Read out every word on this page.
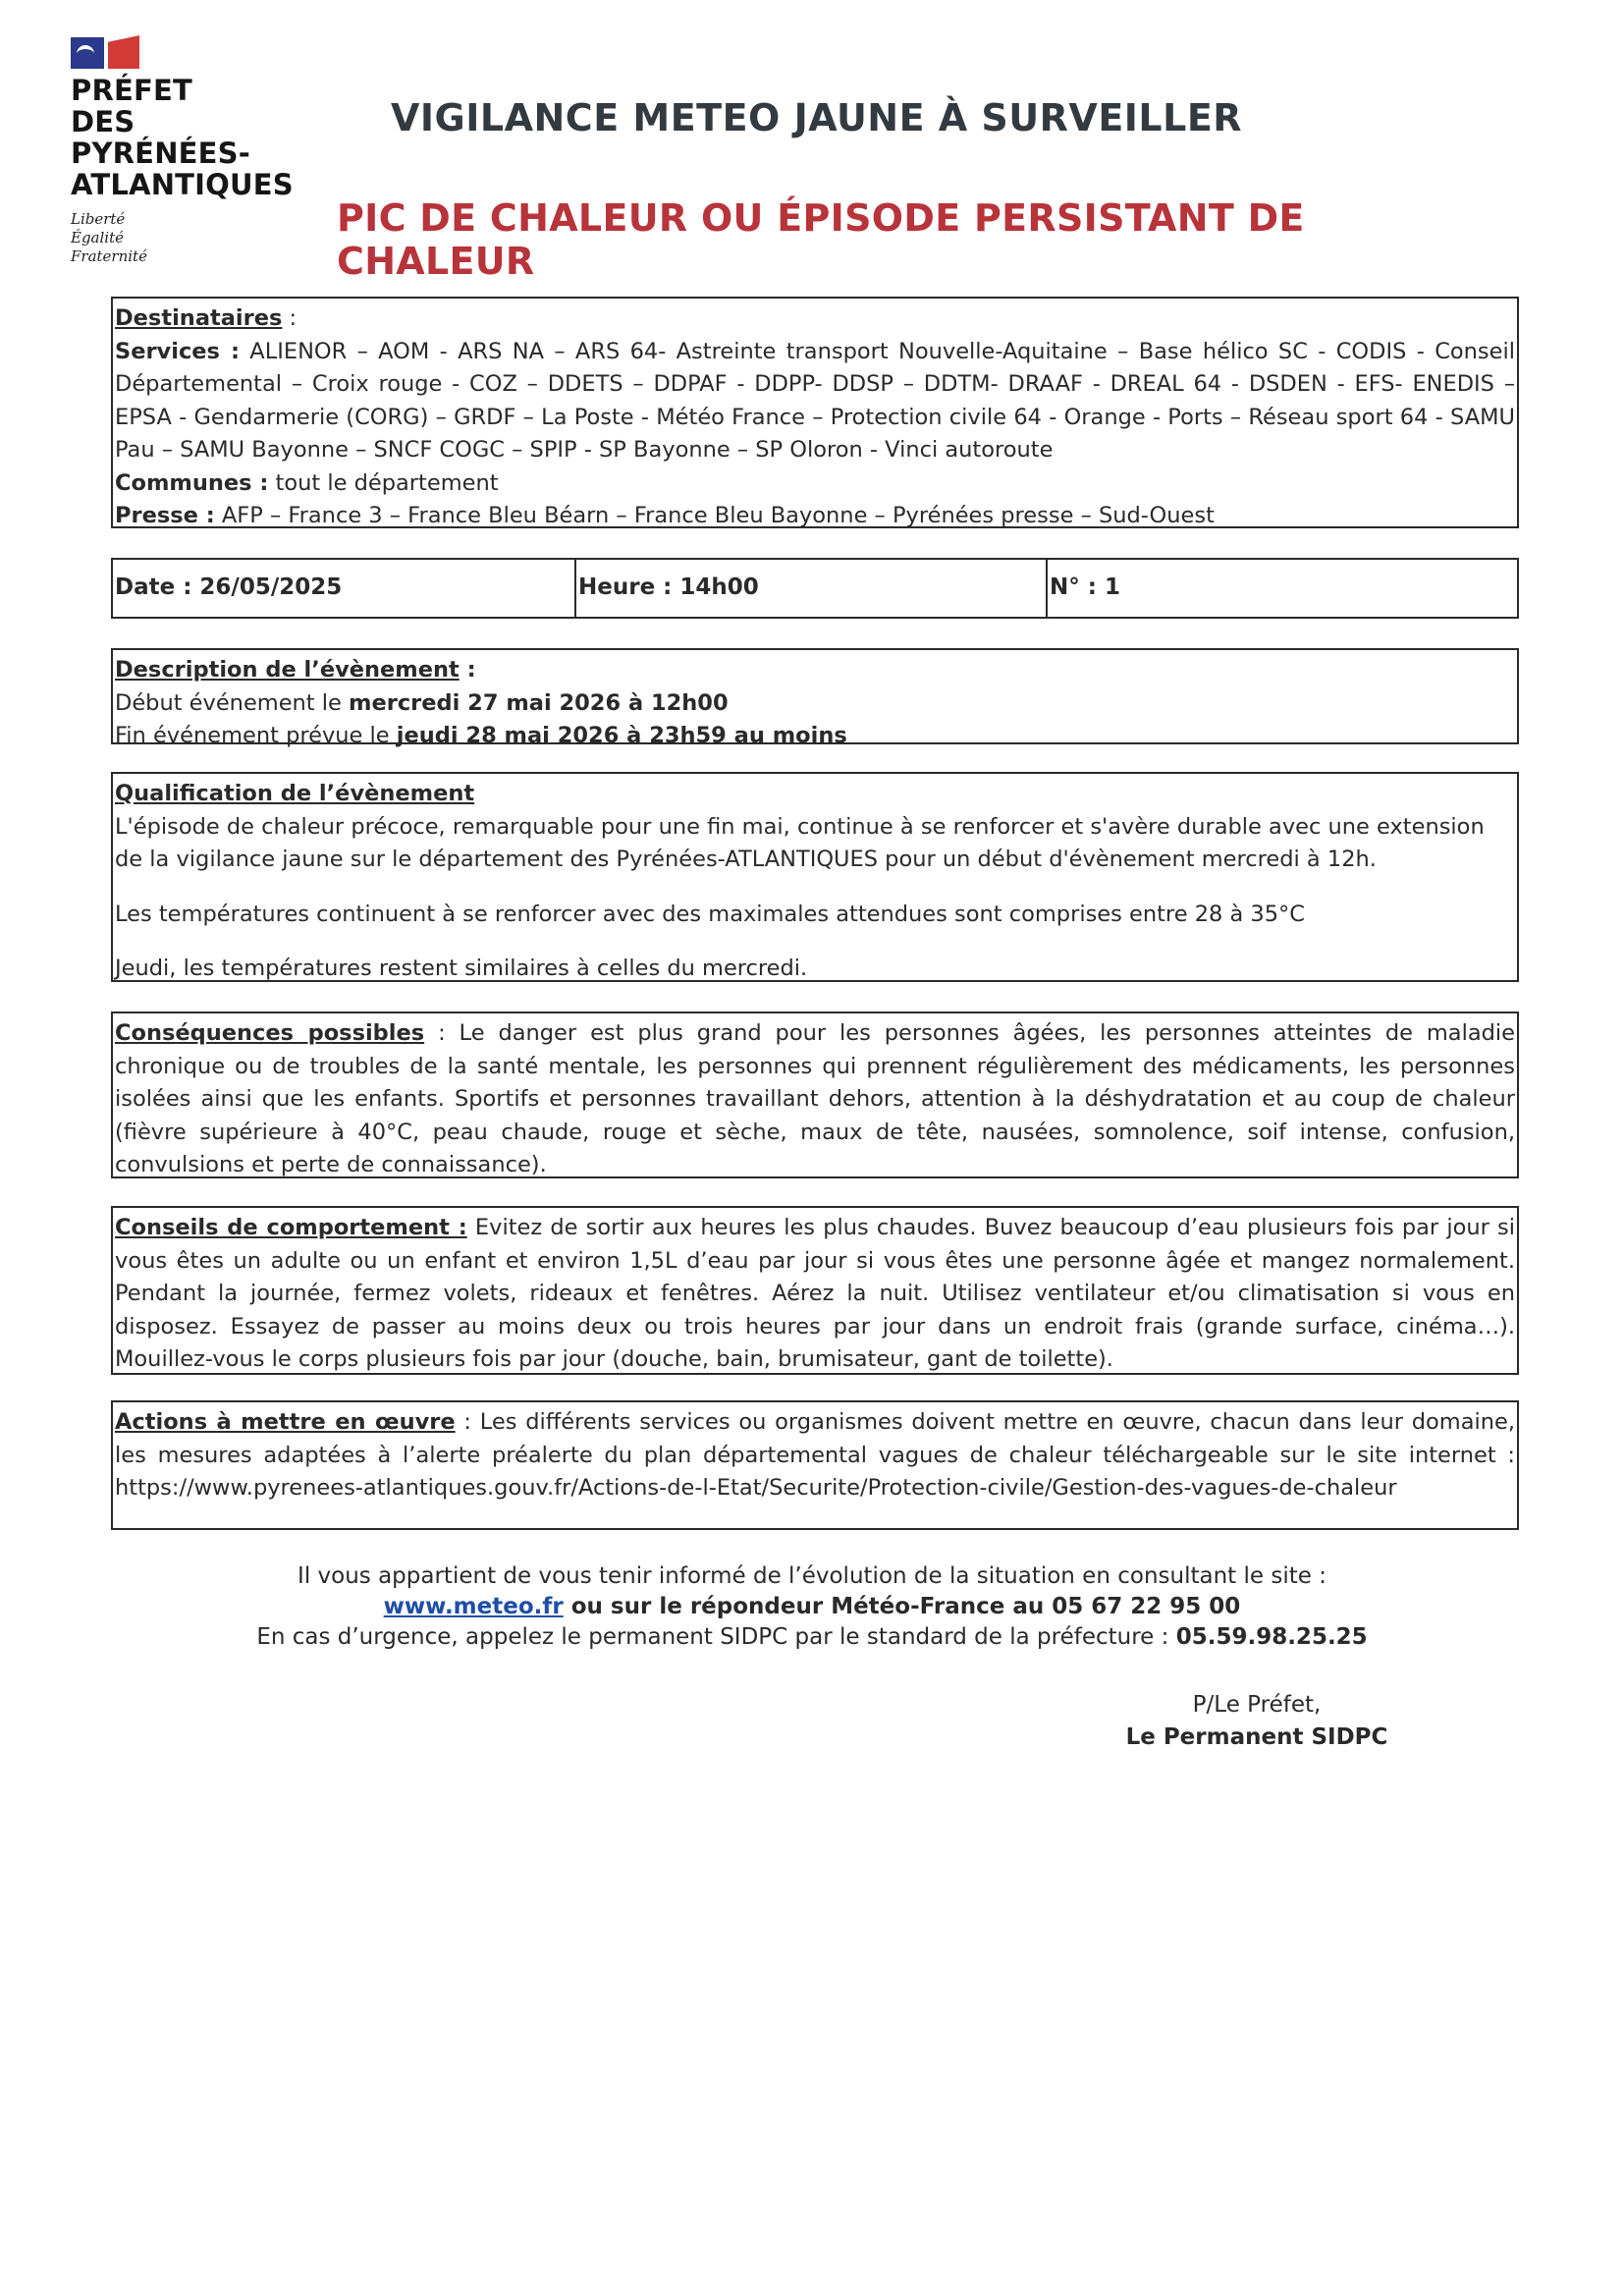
PRÉFET
DES PYRÉNÉES-
ATLANTIQUES
Liberté
Égalité
Fraternité
VIGILANCE METEO JAUNE À SURVEILLER
PIC DE CHALEUR OU ÉPISODE PERSISTANT DE CHALEUR

Destinataires :

Services : ALIENOR – AOM - ARS NA – ARS 64- Astreinte transport Nouvelle-Aquitaine – Base hélico SC - CODIS - Conseil Départemental – Croix rouge - COZ – DDETS – DDPAF - DDPP- DDSP – DDTM- DRAAF - DREAL 64 - DSDEN - EFS- ENEDIS – EPSA - Gendarmerie (CORG) – GRDF – La Poste - Météo France – Protection civile 64 - Orange - Ports – Réseau sport 64 - SAMU Pau – SAMU Bayonne – SNCF COGC – SPIP - SP Bayonne – SP Oloron - Vinci autoroute

Communes : tout le département

Presse : AFP – France 3 – France Bleu Béarn – France Bleu Bayonne – Pyrénées presse – Sud-Ouest

Date : 26/05/2025	Heure : 14h00	N° : 1

Description de l’évènement :

Début événement le mercredi 27 mai 2026 à 12h00

Fin événement prévue le jeudi 28 mai 2026 à 23h59 au moins

Qualification de l’évènement

L'épisode de chaleur précoce, remarquable pour une fin mai, continue à se renforcer et s'avère durable avec une extension de la vigilance jaune sur le département des Pyrénées-ATLANTIQUES pour un début d'évènement mercredi à 12h.

Les températures continuent à se renforcer avec des maximales attendues sont comprises entre 28 à 35°C

Jeudi, les températures restent similaires à celles du mercredi.

Conséquences possibles : Le danger est plus grand pour les personnes âgées, les personnes atteintes de maladie chronique ou de troubles de la santé mentale, les personnes qui prennent régulièrement des médicaments, les personnes isolées ainsi que les enfants. Sportifs et personnes travaillant dehors, attention à la déshydratation et au coup de chaleur (fièvre supérieure à 40°C, peau chaude, rouge et sèche, maux de tête, nausées, somnolence, soif intense, confusion, convulsions et perte de connaissance).

Conseils de comportement : Evitez de sortir aux heures les plus chaudes. Buvez beaucoup d’eau plusieurs fois par jour si vous êtes un adulte ou un enfant et environ 1,5L d’eau par jour si vous êtes une personne âgée et mangez normalement. Pendant la journée, fermez volets, rideaux et fenêtres. Aérez la nuit. Utilisez ventilateur et/ou climatisation si vous en disposez. Essayez de passer au moins deux ou trois heures par jour dans un endroit frais (grande surface, cinéma…). Mouillez-vous le corps plusieurs fois par jour (douche, bain, brumisateur, gant de toilette).

Actions à mettre en œuvre : Les différents services ou organismes doivent mettre en œuvre, chacun dans leur domaine, les mesures adaptées à l’alerte préalerte du plan départemental vagues de chaleur téléchargeable sur le site internet : https://www.pyrenees-atlantiques.gouv.fr/Actions-de-l-Etat/Securite/Protection-civile/Gestion-des-vagues-de-chaleur

Il vous appartient de vous tenir informé de l’évolution de la situation en consultant le site :
www.meteo.fr ou sur le répondeur Météo-France au 05 67 22 95 00
En cas d’urgence, appelez le permanent SIDPC par le standard de la préfecture : 05.59.98.25.25
P/Le Préfet,
Le Permanent SIDPC
